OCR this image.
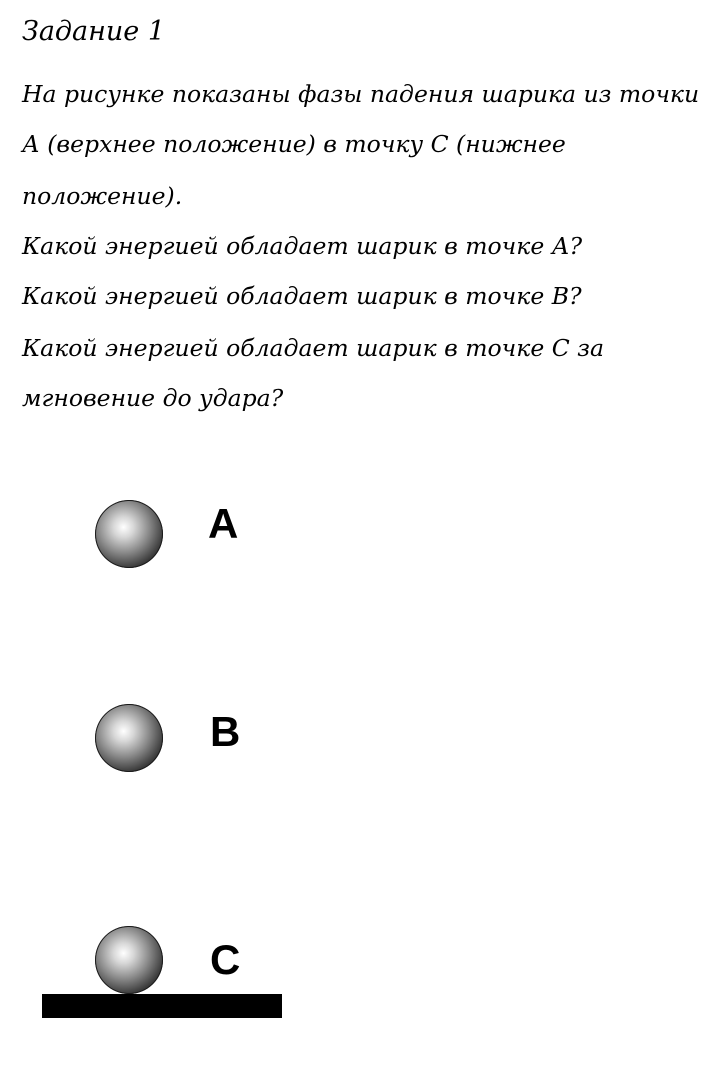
Задание 1
На рисунке показаны фазы падения шарика из точки
А (верхнее положение) в точку С (нижнее
положение).
Какой энергией обладает шарик в точке А?
Какой энергией обладает шарик в точке В?
Какой энергией обладает шарик в точке С за
мгновение до удара?
A
B
C
